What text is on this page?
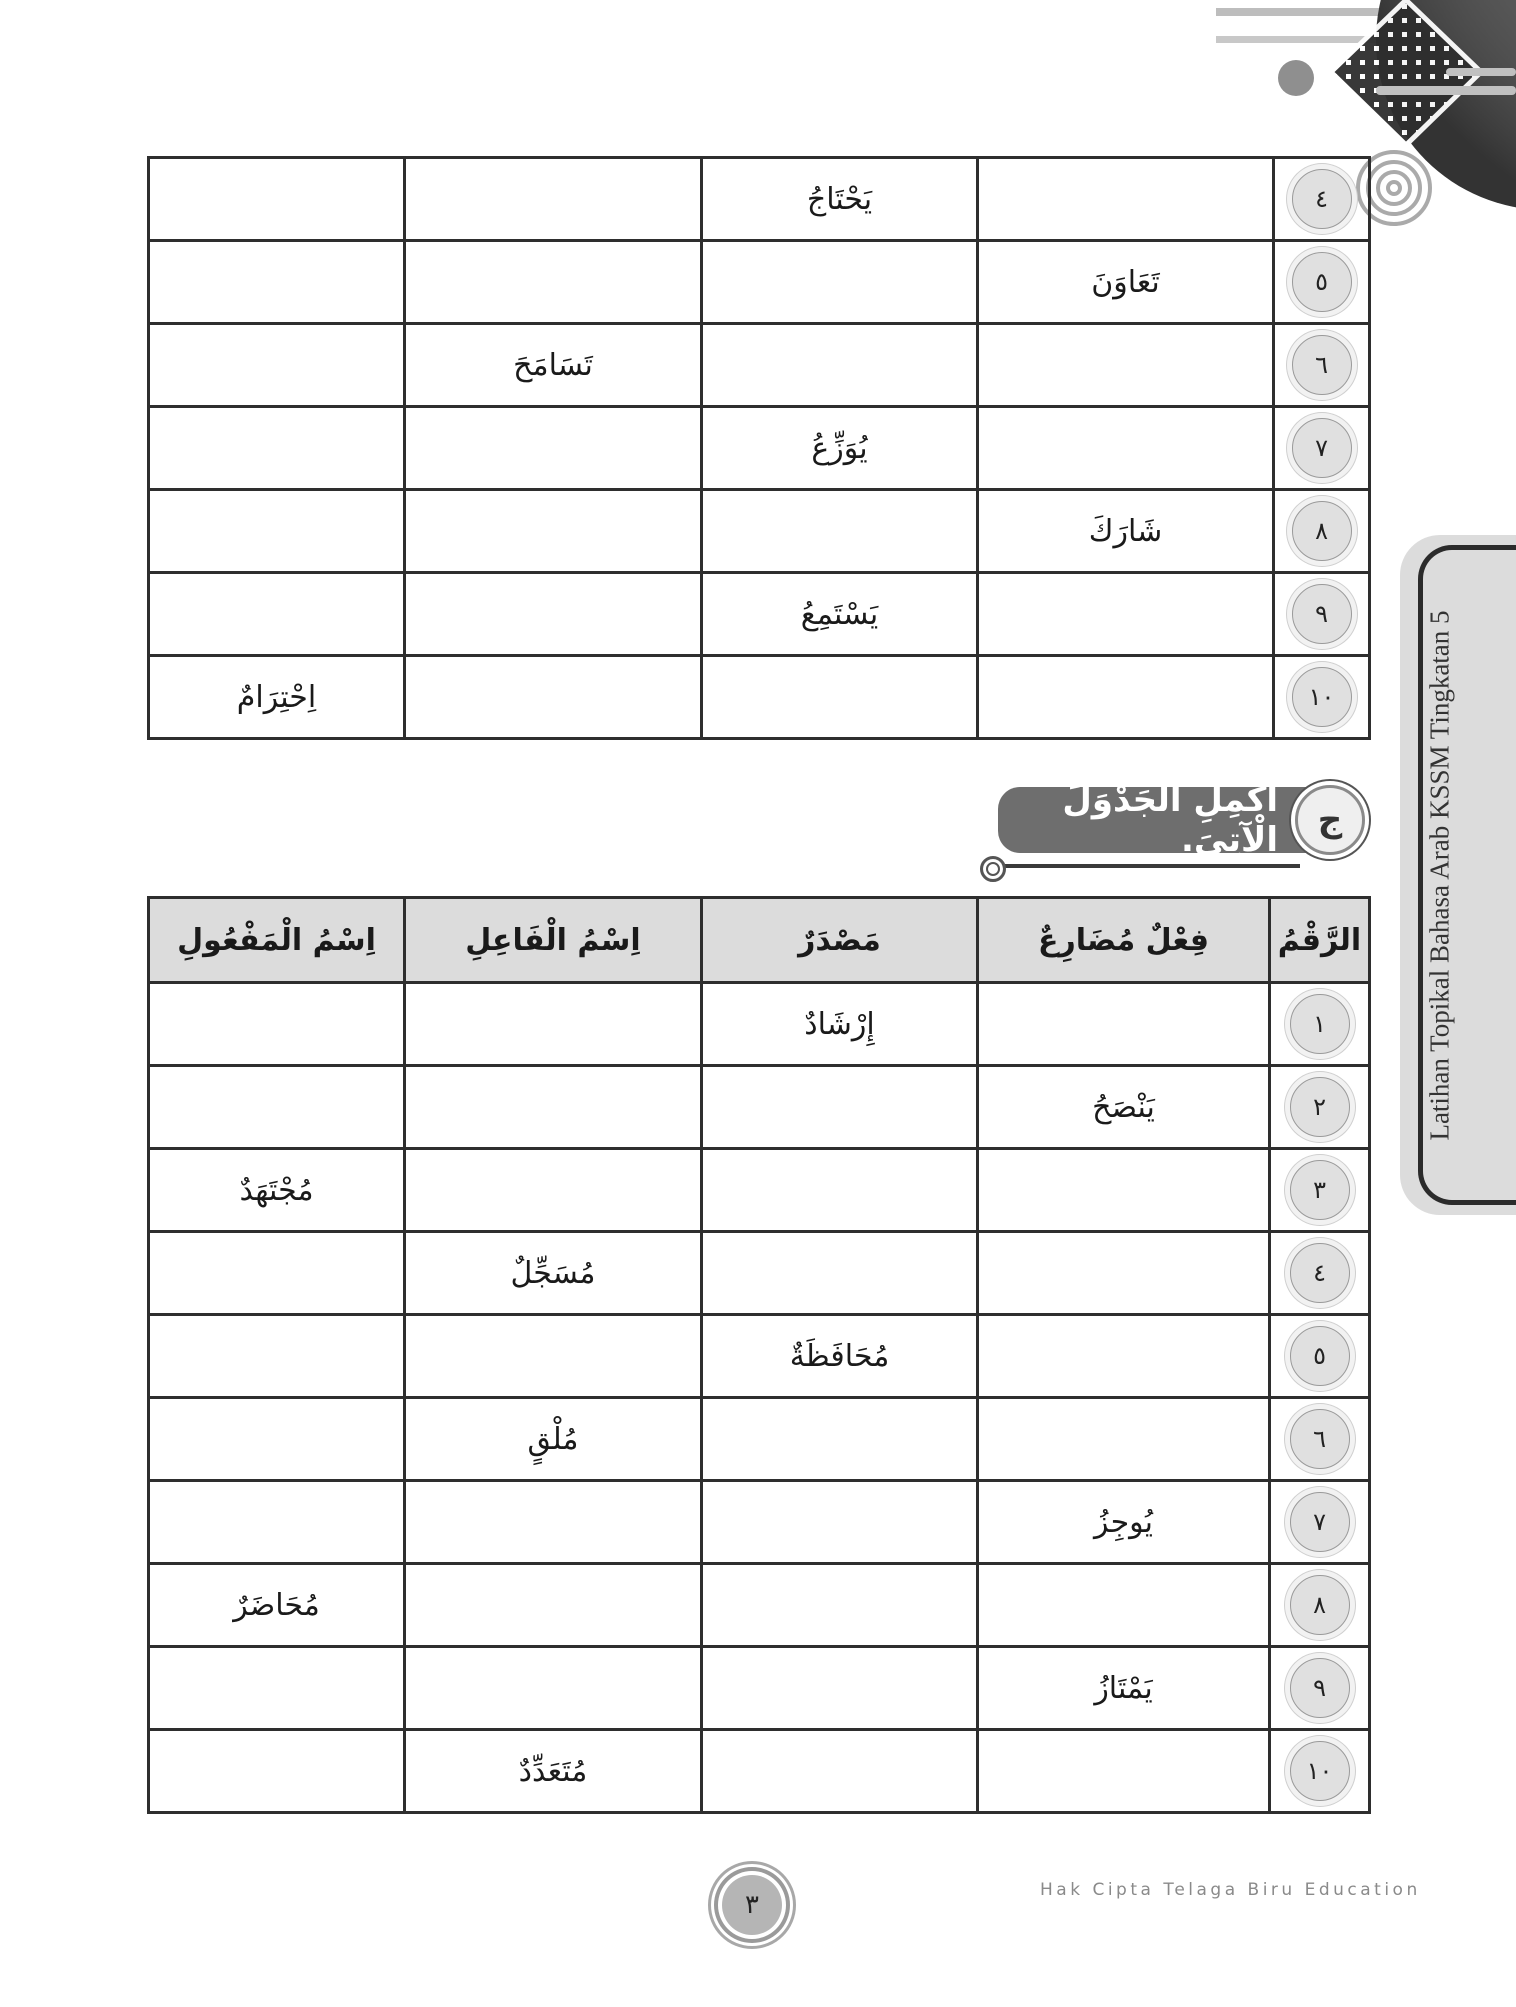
Latihan Topikal Bahasa Arab KSSM Tingkatan 5
		يَحْتَاجُ		٤

			تَعَاوَنَ	٥

	تَسَامَحَ			٦

		يُوَزِّعُ		٧

			شَارَكَ	٨

		يَسْتَمِعُ		٩

اِحْتِرَامٌ				١٠
أَكْمِلِ الْجَدْوَلَ الْآتِيَ. ج
اِسْمُ الْمَفْعُولِ	اِسْمُ الْفَاعِلِ	مَصْدَرٌ	فِعْلٌ مُضَارِعٌ	الرَّقْمُ
		إِرْشَادٌ		١

			يَنْصَحُ	٢

مُجْتَهَدٌ				٣

	مُسَجِّلٌ			٤

		مُحَافَظَةٌ		٥

	مُلْقٍ			٦

			يُوجِزُ	٧

مُحَاضَرٌ				٨

			يَمْتَازُ	٩

	مُتَعَدِّدٌ			١٠
٣	Hak Cipta Telaga Biru Education
